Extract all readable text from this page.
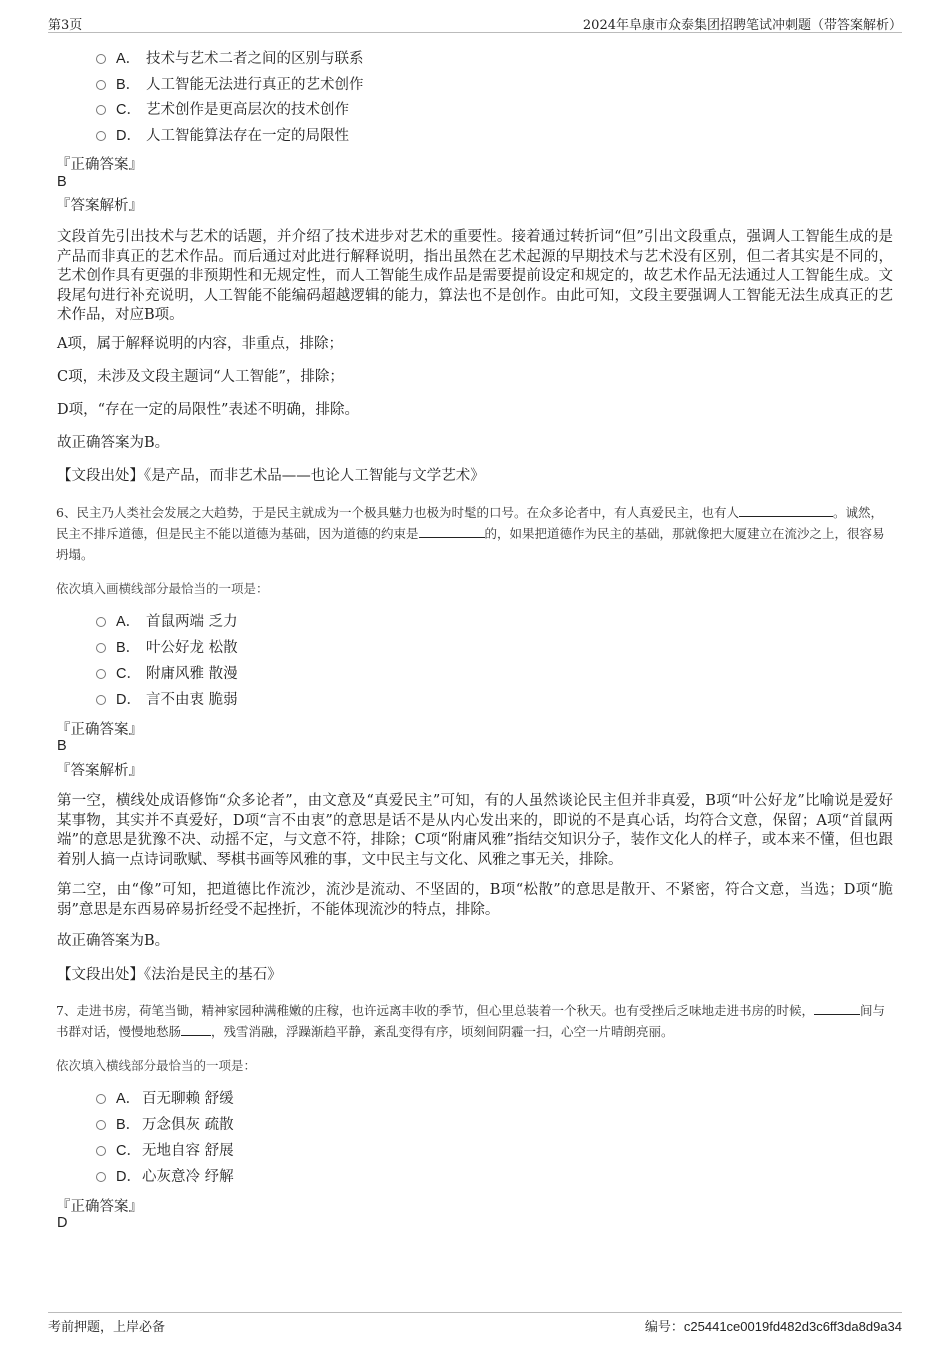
第3页	2024年阜康市众泰集团招聘笔试冲刺题（带答案解析）
A． 技术与艺术二者之间的区别与联系
B． 人工智能无法进行真正的艺术创作
C． 艺术创作是更高层次的技术创作
D． 人工智能算法存在一定的局限性
『正确答案』
B
『答案解析』

文段首先引出技术与艺术的话题，并介绍了技术进步对艺术的重要性。接着通过转折词“但”引出文段重点，强调人工智能生成的是产品而非真正的艺术作品。而后通过对此进行解释说明，指出虽然在艺术起源的早期技术与艺术没有区别，但二者其实是不同的，艺术创作具有更强的非预期性和无规定性，而人工智能生成作品是需要提前设定和规定的，故艺术作品无法通过人工智能生成。文段尾句进行补充说明，人工智能不能编码超越逻辑的能力，算法也不是创作。由此可知，文段主要强调人工智能无法生成真正的艺术作品，对应B项。

A项，属于解释说明的内容，非重点，排除；

C项，未涉及文段主题词“人工智能”，排除；

D项，“存在一定的局限性”表述不明确，排除。

故正确答案为B。

【文段出处】《是产品，而非艺术品——也论人工智能与文学艺术》

6、民主乃人类社会发展之大趋势，于是民主就成为一个极具魅力也极为时髦的口号。在众多论者中，有人真爱民主，也有人	。诚然，民主不排斥道德，但是民主不能以道德为基础，因为道德的约束是	的，如果把道德作为民主的基础，那就像把大厦建立在流沙之上，很容易坍塌。

依次填入画横线部分最恰当的一项是：
A． 首鼠两端 乏力
B． 叶公好龙 松散
C． 附庸风雅 散漫
D． 言不由衷 脆弱
『正确答案』
B
『答案解析』

第一空，横线处成语修饰“众多论者”，由文意及“真爱民主”可知，有的人虽然谈论民主但并非真爱，B项“叶公好龙”比喻说是爱好某事物，其实并不真爱好，D项“言不由衷”的意思是话不是从内心发出来的，即说的不是真心话，均符合文意，保留；A项“首鼠两端”的意思是犹豫不决、动摇不定，与文意不符，排除；C项“附庸风雅”指结交知识分子，装作文化人的样子，或本来不懂，但也跟着别人搞一点诗词歌赋、琴棋书画等风雅的事，文中民主与文化、风雅之事无关，排除。

第二空，由“像”可知，把道德比作流沙，流沙是流动、不坚固的，B项“松散”的意思是散开、不紧密，符合文意，当选；D项“脆弱”意思是东西易碎易折经受不起挫折，不能体现流沙的特点，排除。

故正确答案为B。

【文段出处】《法治是民主的基石》

7、走进书房，荷笔当锄，精神家园种满稚嫩的庄稼，也许远离丰收的季节，但心里总装着一个秋天。也有受挫后乏味地走进书房的时候，	间与书群对话，慢慢地愁肠 ，残雪消融，浮躁渐趋平静，紊乱变得有序，顷刻间阴霾一扫，心空一片晴朗亮丽。

依次填入横线部分最恰当的一项是：
A． 百无聊赖 舒缓
B． 万念俱灰 疏散
C．无地自容 舒展
D．心灰意冷 纾解
『正确答案』
D
考前押题，上岸必备	编号：c25441ce0019fd482d3c6ff3da8d9a34
